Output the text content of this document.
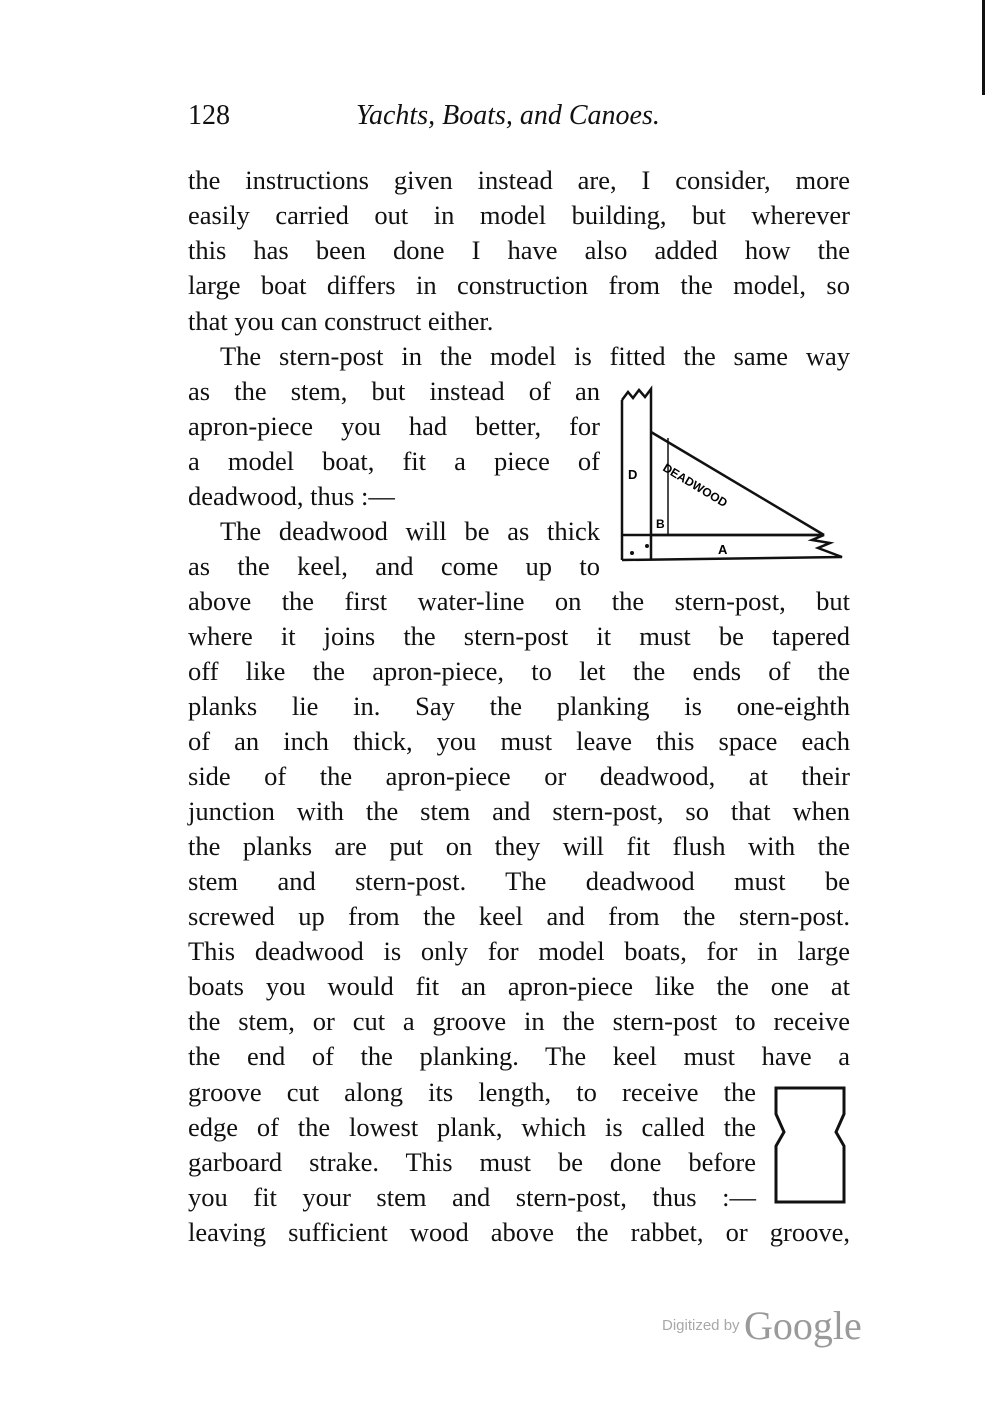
128	Yachts, Boats, and Canoes.
the instructions given instead are, I consider, more
easily carried out in model building, but wherever
this has been done I have also added how the
large boat differs in construction from the model, so
that you can construct either.
The stern-post in the model is fitted the same way
as the stem, but instead of an
apron-piece you had better, for
a model boat, fit a piece of
deadwood, thus :—
The deadwood will be as thick
as the keel, and come up to
above the first water-line on the stern-post, but
where it joins the stern-post it must be tapered
off like the apron-piece, to let the ends of the
planks lie in. Say the planking is one-eighth
of an inch thick, you must leave this space each
side of the apron-piece or deadwood, at their
junction with the stem and stern-post, so that when
the planks are put on they will fit flush with the
stem and stern-post. The deadwood must be
screwed up from the keel and from the stern-post.
This deadwood is only for model boats, for in large
boats you would fit an apron-piece like the one at
the stem, or cut a groove in the stern-post to receive
the end of the planking. The keel must have a
groove cut along its length, to receive the
edge of the lowest plank, which is called the
garboard strake. This must be done before
you fit your stem and stern-post, thus :—
leaving sufficient wood above the rabbet, or groove,
D DEADWOOD
B
A
Digitized by Google
